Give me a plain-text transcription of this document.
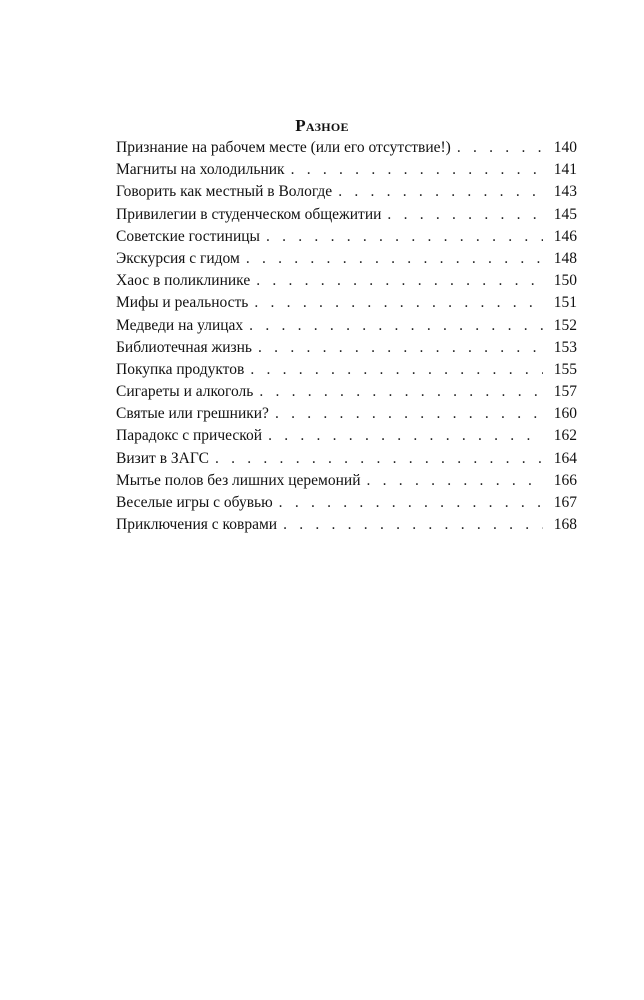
Разное
Признание на рабочем месте (или его отсутствие!) . . .	140
Магниты на холодильник . . .	141
Говорить как местный в Вологде . . .	143
Привилегии в студенческом общежитии . . .	145
Советские гостиницы . . .	146
Экскурсия с гидом . . .	148
Хаос в поликлинике . . .	150
Мифы и реальность . . .	151
Медведи на улицах . . .	152
Библиотечная жизнь . . .	153
Покупка продуктов . . .	155
Сигареты и алкоголь . . .	157
Святые или грешники? . . .	160
Парадокс с прической . . .	162
Визит в ЗАГС . . .	164
Мытье полов без лишних церемоний . . .	166
Веселые игры с обувью . . .	167
Приключения с коврами . . .	168
